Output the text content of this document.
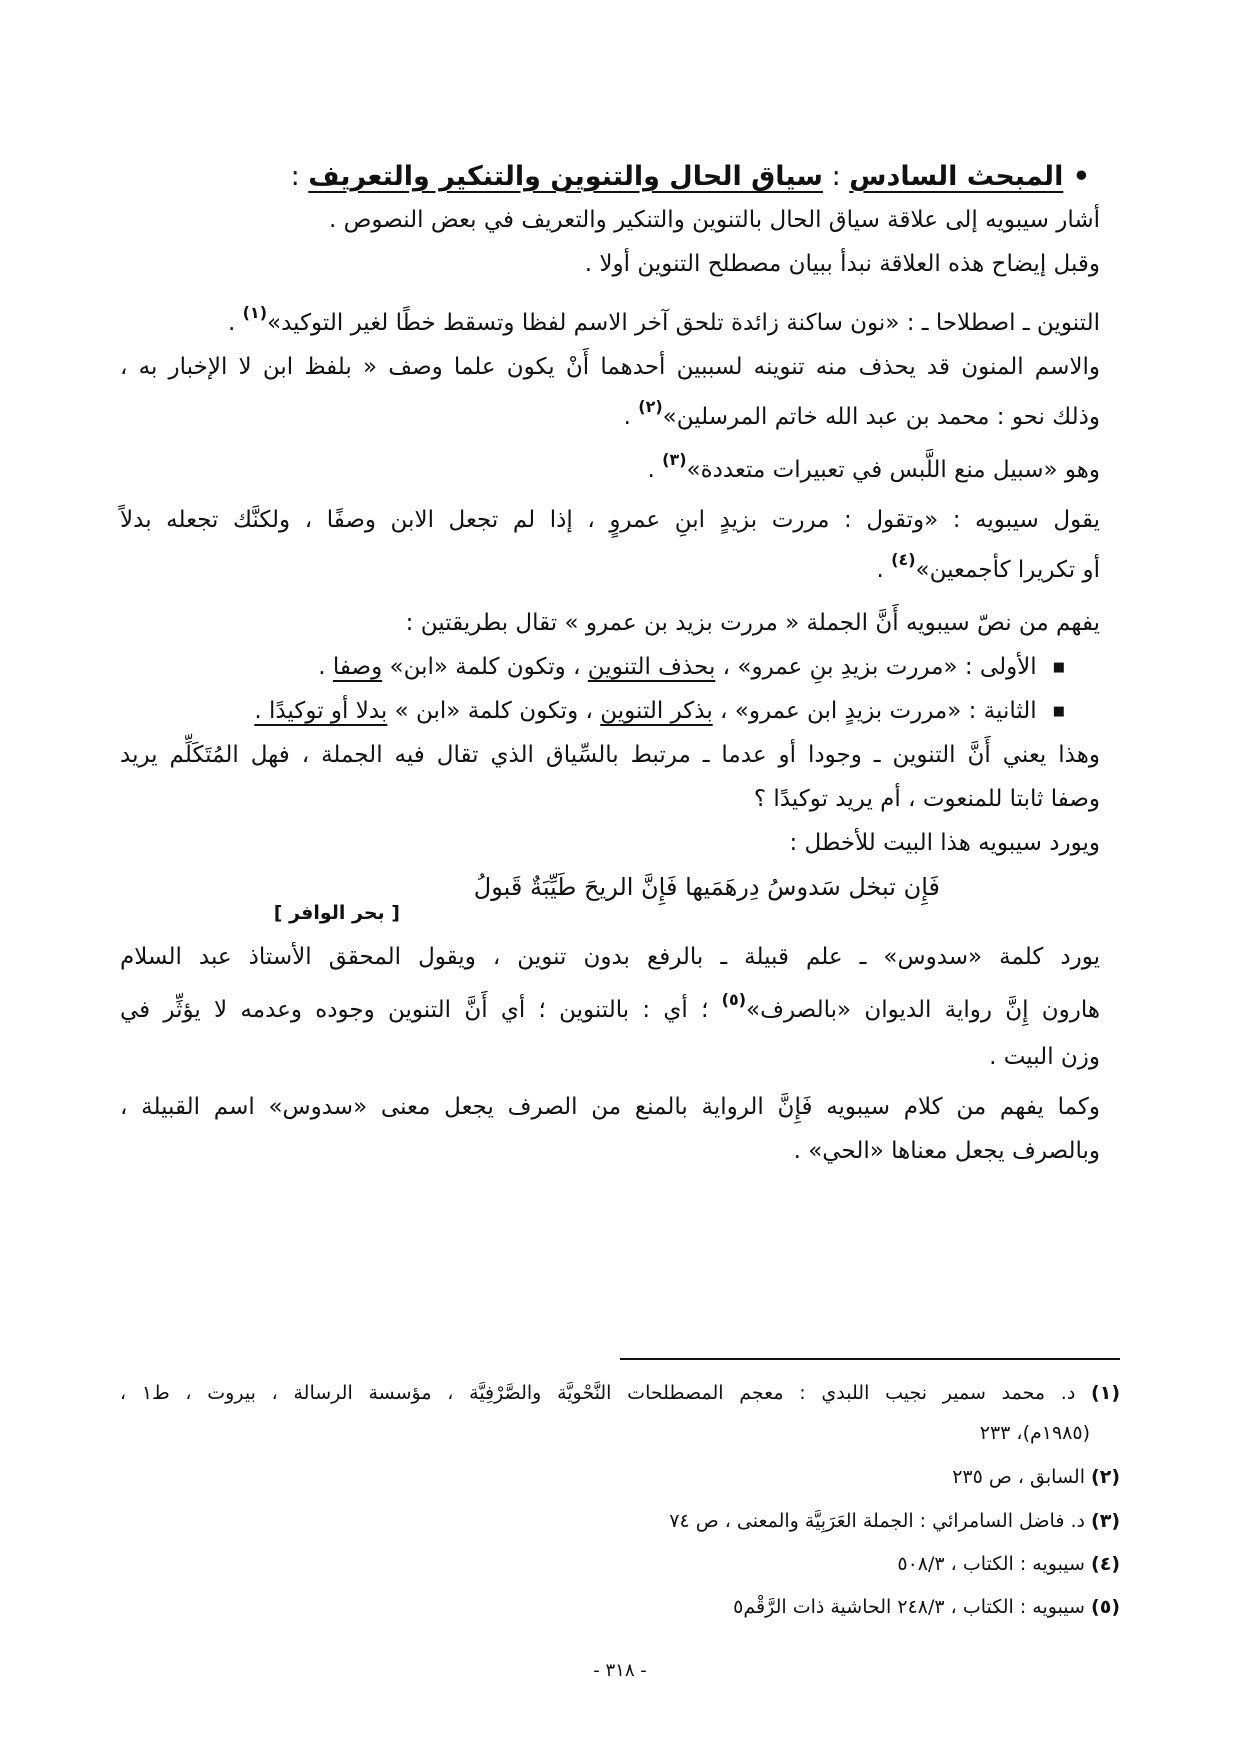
• المبحث السادس : سياق الحال والتنوين والتنكير والتعريف :
أشار سيبويه إلى علاقة سياق الحال بالتنوين والتنكير والتعريف في بعض النصوص .
وقبل إيضاح هذه العلاقة نبدأ ببيان مصطلح التنوين أولا .
التنوين ـ اصطلاحا ـ : «نون ساكنة زائدة تلحق آخر الاسم لفظا وتسقط خطًا لغير التوكيد»$^{(١)}$ .
والاسم المنون قد يحذف منه تنوينه لسببين أحدهما أَنْ يكون علما وصف « بلفظ ابن لا الإخبار به ،
وذلك نحو : محمد بن عبد الله خاتم المرسلين»$^{(٢)}$ .
وهو «سبيل منع اللَّبس في تعبيرات متعددة»$^{(٣)}$ .
يقول سيبويه : «وتقول : مررت بزيدٍ ابنِ عمروٍ ، إذا لم تجعل الابن وصفًا ، ولكنَّك تجعله بدلاً
أو تكريرا كأجمعين»$^{(٤)}$ .
يفهم من نصّ سيبويه أَنَّ الجملة « مررت بزيد بن عمرو » تقال بطريقتين :
■الأولى : «مررت بزيدِ بنِ عمرو» ، بحذف التنوين ، وتكون كلمة «ابن» وصفا .
■الثانية : «مررت بزيدٍ ابن عمرو» ، بذكر التنوين ، وتكون كلمة «ابن » بدلا أو توكيدًا .
وهذا يعني أَنَّ التنوين ـ وجودا أو عدما ـ مرتبط بالسِّياق الذي تقال فيه الجملة ، فهل المُتَكَلِّم يريد
وصفا ثابتا للمنعوت ، أم يريد توكيدًا ؟
ويورد سيبويه هذا البيت للأخطل :
فَإِن تبخل سَدوسُ دِرهَمَيها فَإِنَّ الريحَ طَيِّبَةٌ قَبولُ
[ بحر الوافر ]
يورد كلمة «سدوس» ـ علم قبيلة ـ بالرفع بدون تنوين ، ويقول المحقق الأستاذ عبد السلام
هارون إِنَّ رواية الديوان «بالصرف»$^{(٥)}$ ؛ أي : بالتنوين ؛ أي أَنَّ التنوين وجوده وعدمه لا يؤثِّر في
وزن البيت .
وكما يفهم من كلام سيبويه فَإِنَّ الرواية بالمنع من الصرف يجعل معنى «سدوس» اسم القبيلة ،
وبالصرف يجعل معناها «الحي» .
(١) د. محمد سمير نجيب اللبدي : معجم المصطلحات النَّحْويَّة والصَّرْفِيَّة ، مؤسسة الرسالة ، بيروت ، ط١ ،
(١٩٨٥م)، ٢٣٣
(٢) السابق ، ص ٢٣٥
(٣) د. فاضل السامرائي : الجملة العَرَبِيَّة والمعنى ، ص ٧٤
(٤) سيبويه : الكتاب ، ٥٠٨/٣
(٥) سيبويه : الكتاب ، ٢٤٨/٣ الحاشية ذات الرَّقْم٥
- ٣١٨ -
